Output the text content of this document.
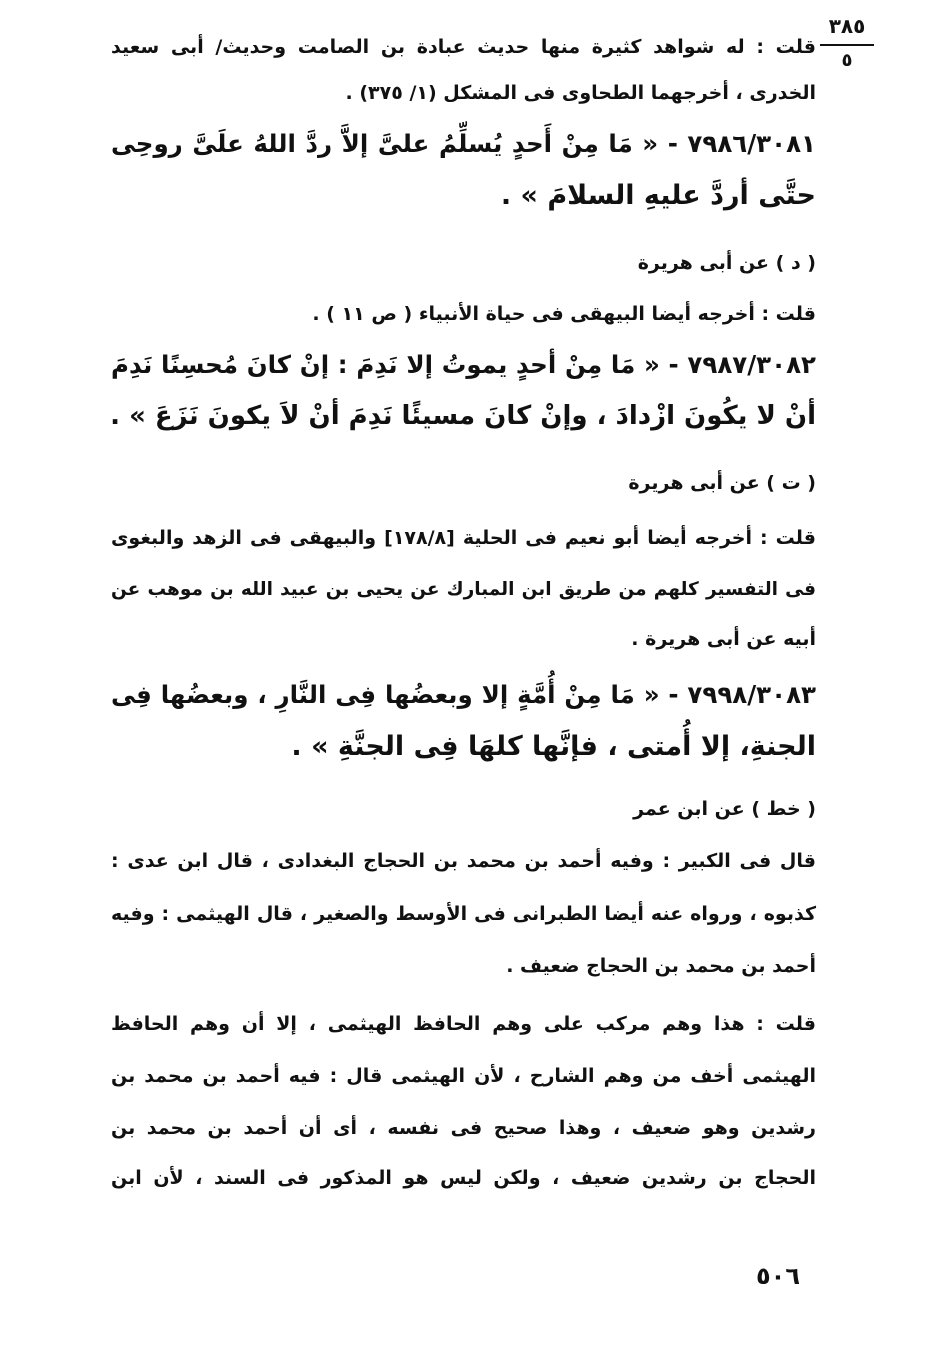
٣٨٥
٥
قلت : له شواهد كثيرة منها حديث عبادة بن الصامت وحديث/ أبى سعيد
الخدرى ، أخرجهما الطحاوى فى المشكل (١/ ٣٧٥) .
٧٩٨٦/٣٠٨١ - « مَا مِنْ أَحدٍ يُسلِّمُ علىَّ إلاَّ ردَّ اللهُ علَىَّ روحِى
حتَّى أردَّ عليهِ السلامَ » .
( د ) عن أبى هريرة
قلت : أخرجه أيضا البيهقى فى حياة الأنبياء ( ص ١١ ) .
٧٩٨٧/٣٠٨٢ - « مَا مِنْ أحدٍ يموتُ إلا نَدِمَ : إنْ كانَ مُحسِنًا نَدِمَ
أنْ لا يكُونَ ازْدادَ ، وإنْ كانَ مسيئًا نَدِمَ أنْ لاَ يكونَ نَزَعَ » .
( ت ) عن أبى هريرة
قلت : أخرجه أيضا أبو نعيم فى الحلية [١٧٨/٨] والبيهقى فى الزهد والبغوى
فى التفسير كلهم من طريق ابن المبارك عن يحيى بن عبيد الله بن موهب عن
أبيه عن أبى هريرة .
٧٩٩٨/٣٠٨٣ - « مَا مِنْ أُمَّةٍ إلا وبعضُها فِى النَّارِ ، وبعضُها فِى
الجنةِ، إلا أُمتى ، فإنَّها كلهَا فِى الجنَّةِ » .
( خط ) عن ابن عمر
قال فى الكبير : وفيه أحمد بن محمد بن الحجاج البغدادى ، قال ابن عدى :
كذبوه ، ورواه عنه أيضا الطبرانى فى الأوسط والصغير ، قال الهيثمى : وفيه
أحمد بن محمد بن الحجاج ضعيف .
قلت : هذا وهم مركب على وهم الحافظ الهيثمى ، إلا أن وهم الحافظ
الهيثمى أخف من وهم الشارح ، لأن الهيثمى قال : فيه أحمد بن محمد بن
رشدين وهو ضعيف ، وهذا صحيح فى نفسه ، أى أن أحمد بن محمد بن
الحجاج بن رشدين ضعيف ، ولكن ليس هو المذكور فى السند ، لأن ابن
٥٠٦
